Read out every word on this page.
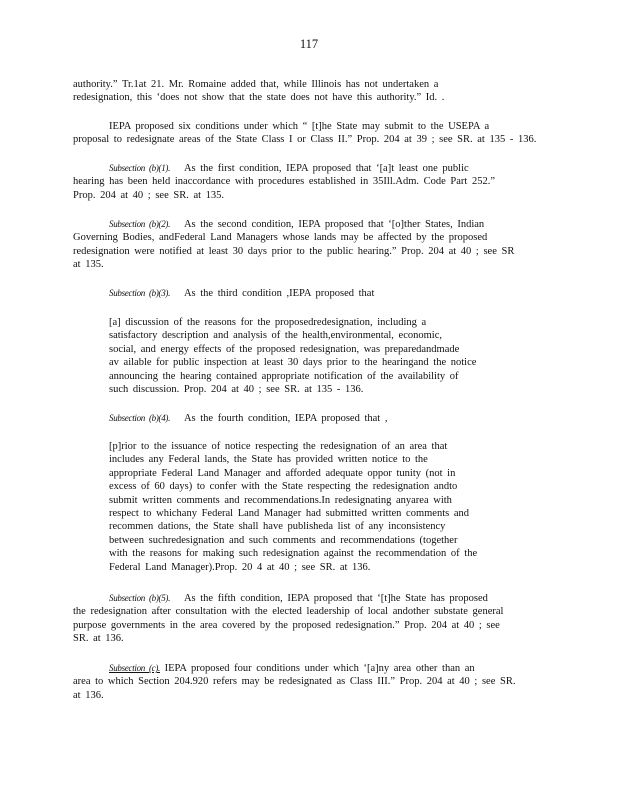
117
authority.” Tr.1at 21. Mr. Romaine added that, while Illinois has not undertaken a
redesignation, this ‘does not show that the state does not have this authority.” Id. .
IEPA proposed six conditions under which “ [t]he State may submit to the USEPA a
proposal to redesignate areas of the State Class I or Class II.” Prop. 204 at 39 ; see SR. at 135 - 136.
Subsection (b)(1). As the first condition, IEPA proposed that ‘[a]t least one public
hearing has been held inaccordance with procedures established in 35Ill.Adm. Code Part 252.”
Prop. 204 at 40 ; see SR. at 135.
Subsection (b)(2). As the second condition, IEPA proposed that ‘[o]ther States, Indian
Governing Bodies, andFederal Land Managers whose lands may be affected by the proposed
redesignation were notified at least 30 days prior to the public hearing.” Prop. 204 at 40 ; see SR
at 135.
Subsection (b)(3). As the third condition ,IEPA proposed that
[a] discussion of the reasons for the proposedredesignation, including a
satisfactory description and analysis of the health,environmental, economic,
social, and energy effects of the proposed redesignation, was preparedandmade
av ailable for public inspection at least 30 days prior to the hearingand the notice
announcing the hearing contained appropriate notification of the availability of
such discussion. Prop. 204 at 40 ; see SR. at 135 - 136.
Subsection (b)(4). As the fourth condition, IEPA proposed that ,
[p]rior to the issuance of notice respecting the redesignation of an area that
includes any Federal lands, the State has provided written notice to the
appropriate Federal Land Manager and afforded adequate oppor tunity (not in
excess of 60 days) to confer with the State respecting the redesignation andto
submit written comments and recommendations.In redesignating anyarea with
respect to whichany Federal Land Manager had submitted written comments and
recommen dations, the State shall have publisheda list of any inconsistency
between suchredesignation and such comments and recommendations (together
with the reasons for making such redesignation against the recommendation of the
Federal Land Manager).Prop. 20 4 at 40 ; see SR. at 136.
Subsection (b)(5). As the fifth condition, IEPA proposed that ‘[t]he State has proposed
the redesignation after consultation with the elected leadership of local andother substate general
purpose governments in the area covered by the proposed redesignation.” Prop. 204 at 40 ; see
SR. at 136.
Subsection (c). IEPA proposed four conditions under which ‘[a]ny area other than an
area to which Section 204.920 refers may be redesignated as Class III.” Prop. 204 at 40 ; see SR.
at 136.
